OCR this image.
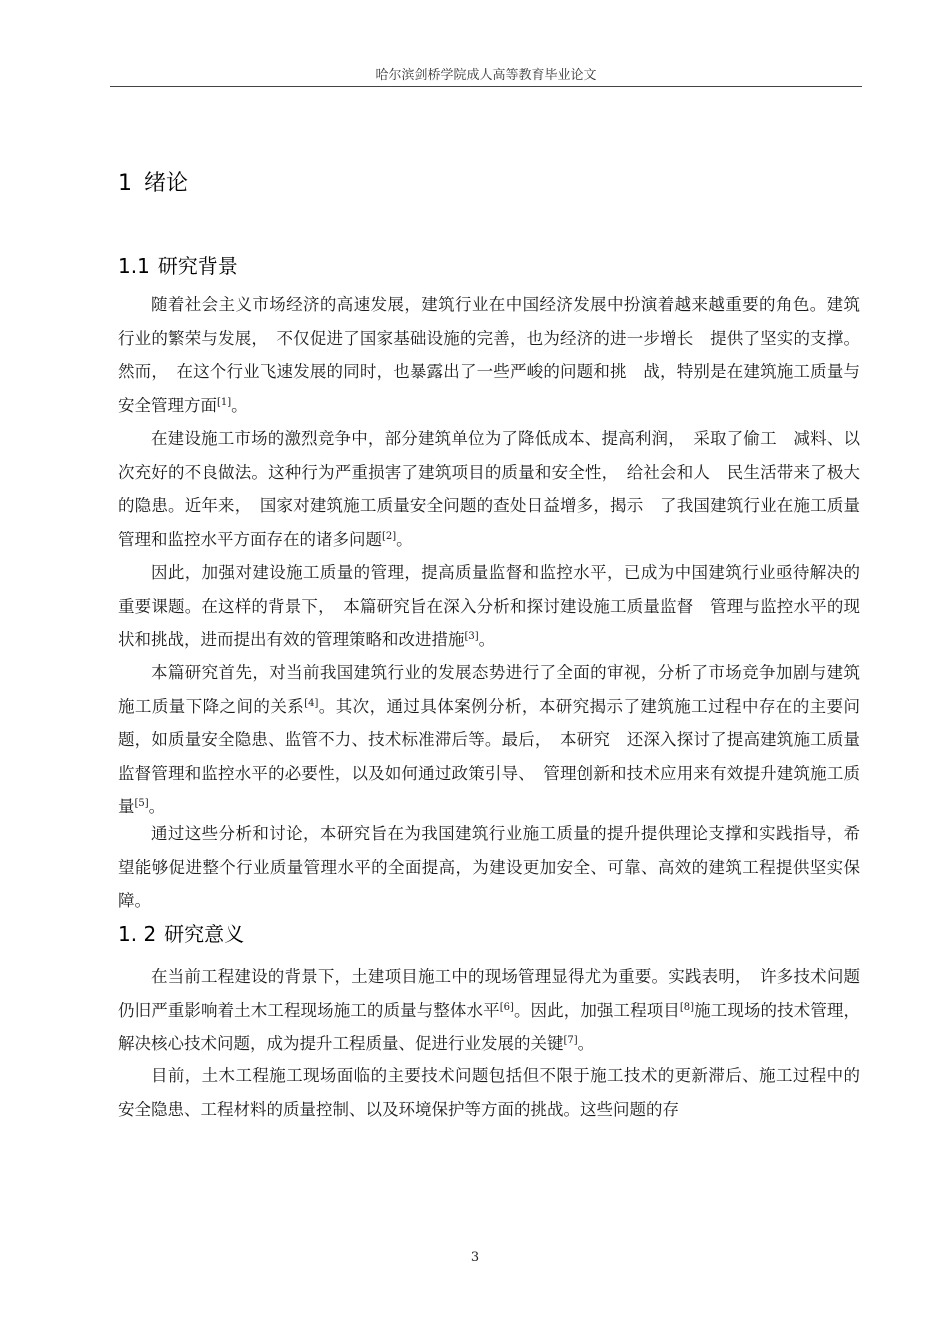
哈尔滨剑桥学院成人高等教育毕业论文
1 绪论
1.1 研究背景
随着社会主义市场经济的高速发展，建筑行业在中国经济发展中扮演着越来越重要的角色。建筑行业的繁荣与发展，　不仅促进了国家基础设施的完善，也为经济的进一步增长　提供了坚实的支撑。然而，　在这个行业飞速发展的同时，也暴露出了一些严峻的问题和挑　战，特别是在建筑施工质量与安全管理方面[1]。
在建设施工市场的激烈竞争中，部分建筑单位为了降低成本、提高利润，　采取了偷工　减料、以次充好的不良做法。这种行为严重损害了建筑项目的质量和安全性，　给社会和人　民生活带来了极大的隐患。近年来，　国家对建筑施工质量安全问题的查处日益增多，揭示　了我国建筑行业在施工质量管理和监控水平方面存在的诸多问题[2]。
因此，加强对建设施工质量的管理，提高质量监督和监控水平，已成为中国建筑行业亟待解决的重要课题。在这样的背景下，　本篇研究旨在深入分析和探讨建设施工质量监督　管理与监控水平的现状和挑战，进而提出有效的管理策略和改进措施[3]。
本篇研究首先，对当前我国建筑行业的发展态势进行了全面的审视，分析了市场竞争加剧与建筑施工质量下降之间的关系[4]。其次，通过具体案例分析，本研究揭示了建筑施工过程中存在的主要问题，如质量安全隐患、监管不力、技术标准滞后等。最后，　本研究　还深入探讨了提高建筑施工质量监督管理和监控水平的必要性，以及如何通过政策引导、　管理创新和技术应用来有效提升建筑施工质量[5]。
通过这些分析和讨论，本研究旨在为我国建筑行业施工质量的提升提供理论支撑和实践指导，希望能够促进整个行业质量管理水平的全面提高，为建设更加安全、可靠、高效的建筑工程提供坚实保障。
1. 2 研究意义
在当前工程建设的背景下，土建项目施工中的现场管理显得尤为重要。实践表明，　许多技术问题仍旧严重影响着土木工程现场施工的质量与整体水平[6]。因此，加强工程项目[8]施工现场的技术管理，解决核心技术问题，成为提升工程质量、促进行业发展的关键[7]。
目前，土木工程施工现场面临的主要技术问题包括但不限于施工技术的更新滞后、施工过程中的安全隐患、工程材料的质量控制、以及环境保护等方面的挑战。这些问题的存
3
